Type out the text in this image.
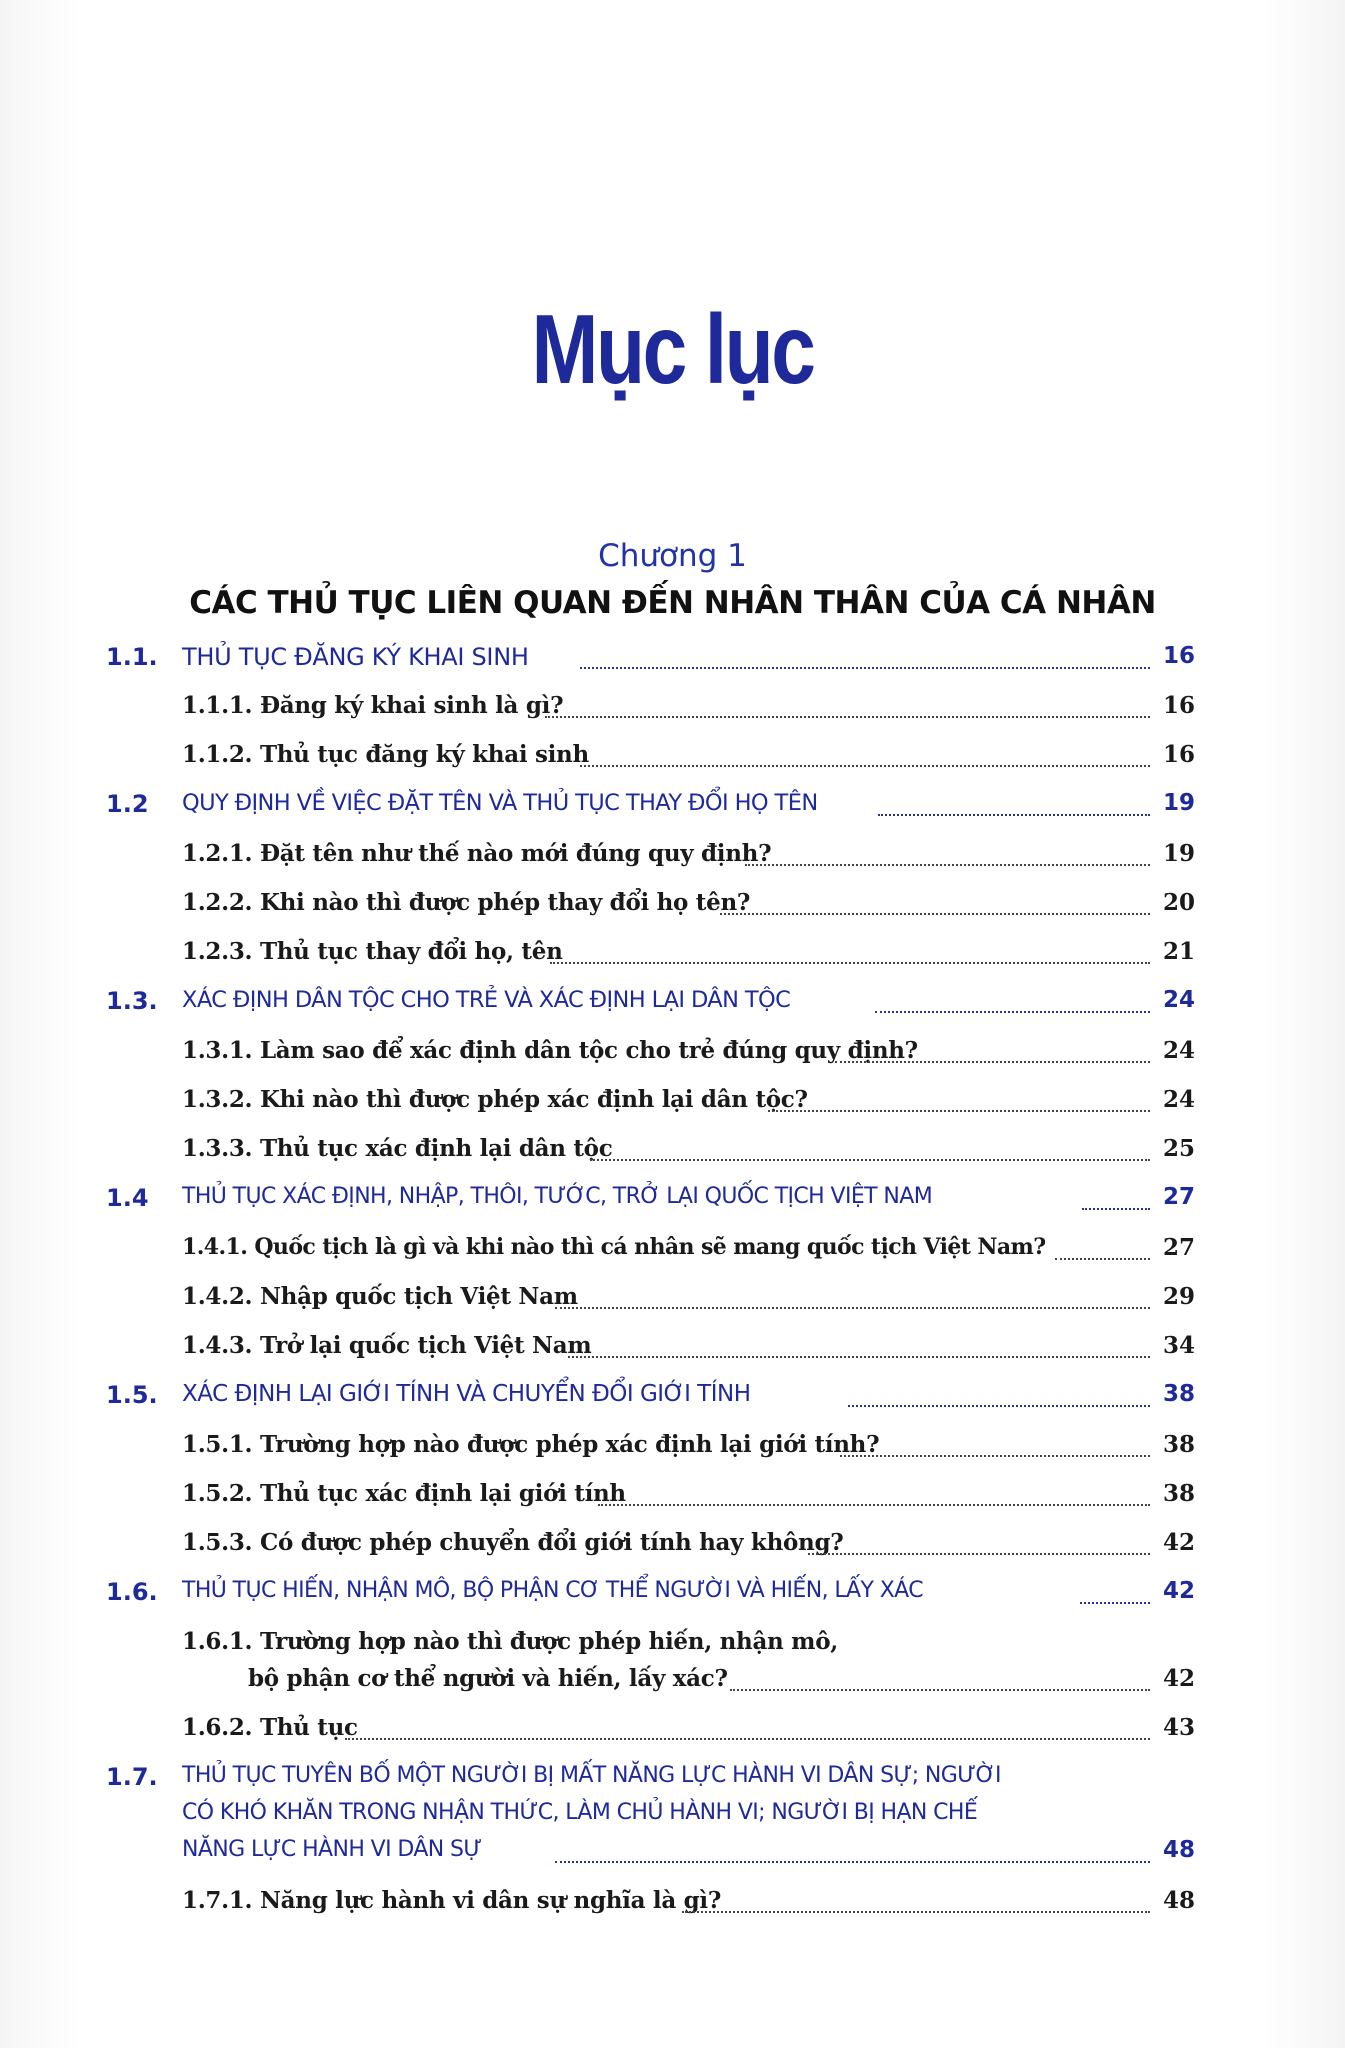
Mục lục
Chương 1
CÁC THỦ TỤC LIÊN QUAN ĐẾN NHÂN THÂN CỦA CÁ NHÂN
1.1. THỦ TỤC ĐĂNG KÝ KHAI SINH	16
1.1.1. Đăng ký khai sinh là gì?	16
1.1.2. Thủ tục đăng ký khai sinh	16
1.2 QUY ĐỊNH VỀ VIỆC ĐẶT TÊN VÀ THỦ TỤC THAY ĐỔI HỌ TÊN	19
1.2.1. Đặt tên như thế nào mới đúng quy định?	19
1.2.2. Khi nào thì được phép thay đổi họ tên?	20
1.2.3. Thủ tục thay đổi họ, tên	21
1.3. XÁC ĐỊNH DÂN TỘC CHO TRẺ VÀ XÁC ĐỊNH LẠI DÂN TỘC	24
1.3.1. Làm sao để xác định dân tộc cho trẻ đúng quy định?	24
1.3.2. Khi nào thì được phép xác định lại dân tộc?	24
1.3.3. Thủ tục xác định lại dân tộc	25
1.4 THỦ TỤC XÁC ĐỊNH, NHẬP, THÔI, TƯỚC, TRỞ LẠI QUỐC TỊCH VIỆT NAM	27
1.4.1. Quốc tịch là gì và khi nào thì cá nhân sẽ mang quốc tịch Việt Nam?	27
1.4.2. Nhập quốc tịch Việt Nam	29
1.4.3. Trở lại quốc tịch Việt Nam	34
1.5. XÁC ĐỊNH LẠI GIỚI TÍNH VÀ CHUYỂN ĐỔI GIỚI TÍNH	38
1.5.1. Trường hợp nào được phép xác định lại giới tính?	38
1.5.2. Thủ tục xác định lại giới tính	38
1.5.3. Có được phép chuyển đổi giới tính hay không?	42
1.6. THỦ TỤC HIẾN, NHẬN MÔ, BỘ PHẬN CƠ THỂ NGƯỜI VÀ HIẾN, LẤY XÁC	42
1.6.1. Trường hợp nào thì được phép hiến, nhận mô,
bộ phận cơ thể người và hiến, lấy xác?	42
1.6.2. Thủ tục	43
1.7. THỦ TỤC TUYÊN BỐ MỘT NGƯỜI BỊ MẤT NĂNG LỰC HÀNH VI DÂN SỰ; NGƯỜI
CÓ KHÓ KHĂN TRONG NHẬN THỨC, LÀM CHỦ HÀNH VI; NGƯỜI BỊ HẠN CHẾ
NĂNG LỰC HÀNH VI DÂN SỰ	48
1.7.1. Năng lực hành vi dân sự nghĩa là gì?	48
